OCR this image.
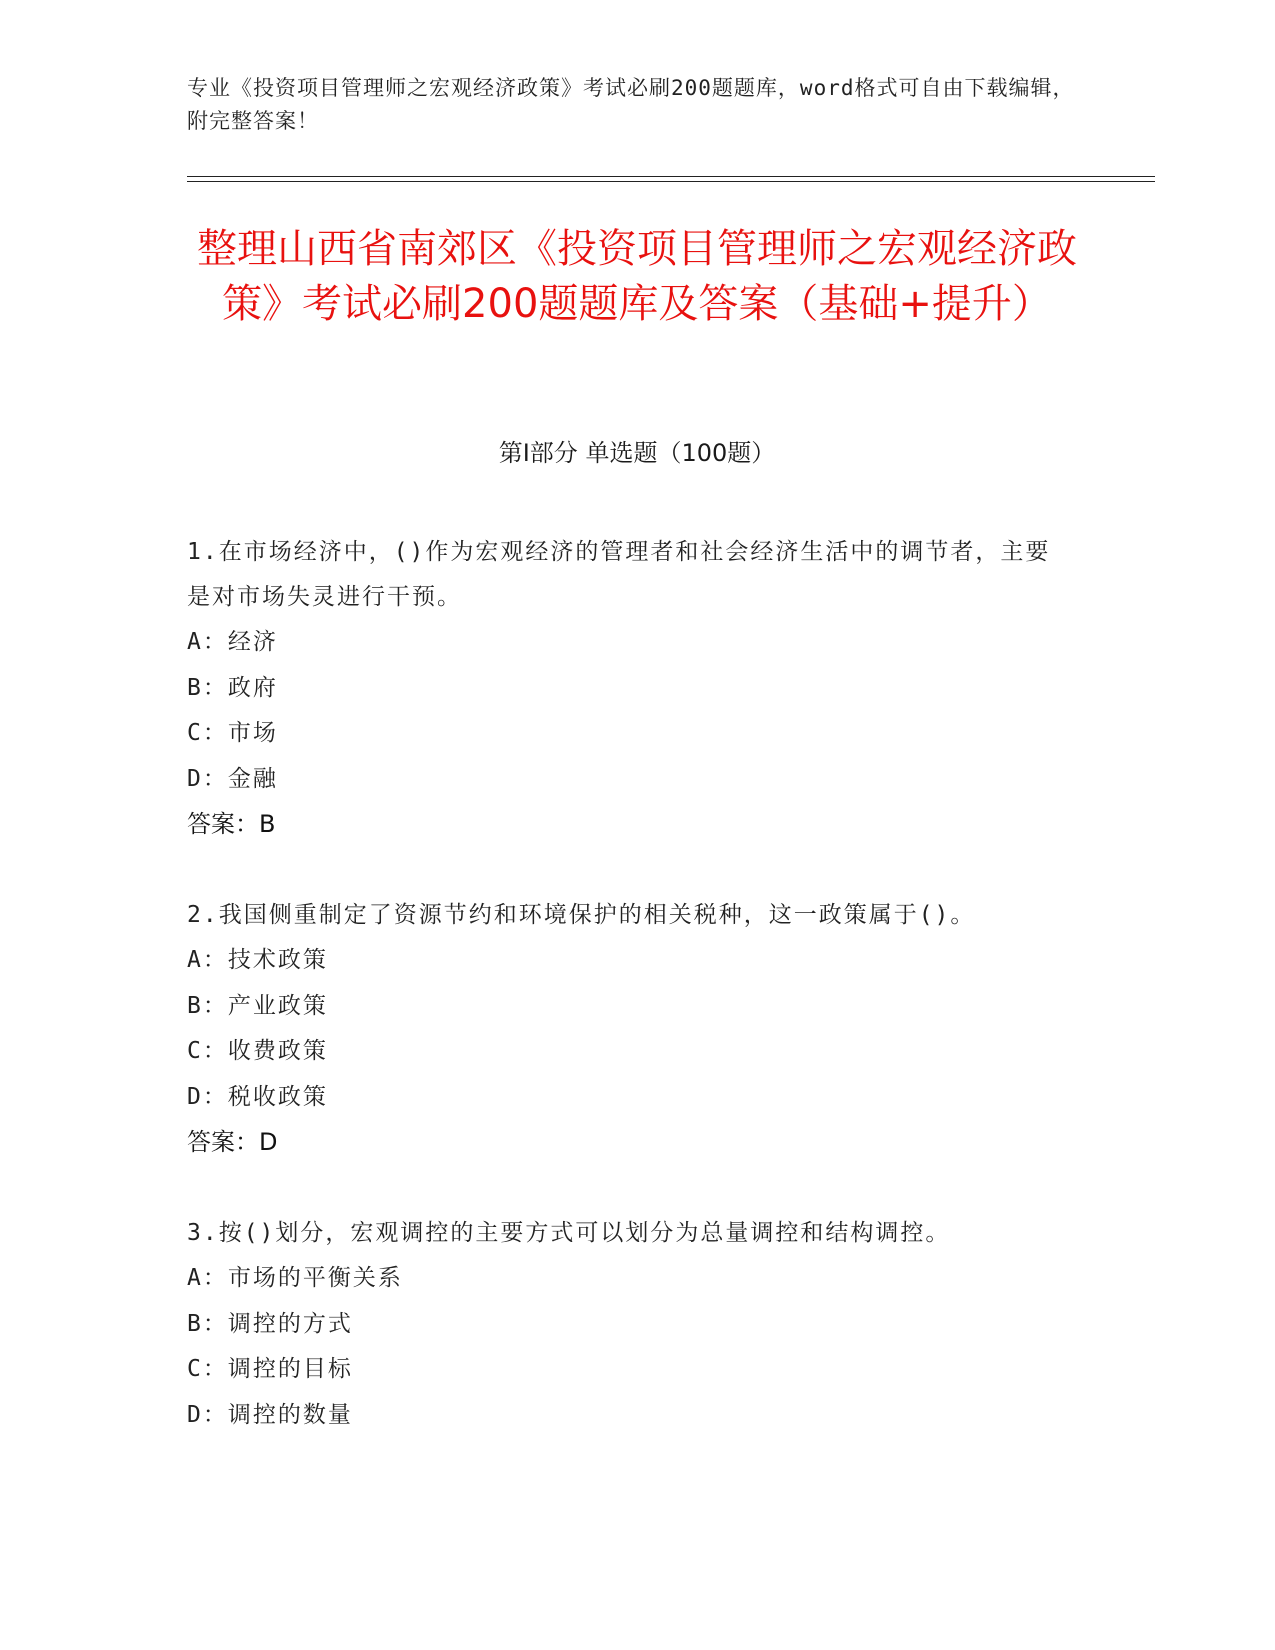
专业《投资项目管理师之宏观经济政策》考试必刷200题题库，word格式可自由下载编辑，附完整答案！
整理山西省南郊区《投资项目管理师之宏观经济政策》考试必刷200题题库及答案（基础+提升）
第Ⅰ部分 单选题（100题）
1.在市场经济中，()作为宏观经济的管理者和社会经济生活中的调节者，主要是对市场失灵进行干预。
A：经济
B：政府
C：市场
D：金融
答案：B
2.我国侧重制定了资源节约和环境保护的相关税种，这一政策属于()。
A：技术政策
B：产业政策
C：收费政策
D：税收政策
答案：D
3.按()划分，宏观调控的主要方式可以划分为总量调控和结构调控。
A：市场的平衡关系
B：调控的方式
C：调控的目标
D：调控的数量
